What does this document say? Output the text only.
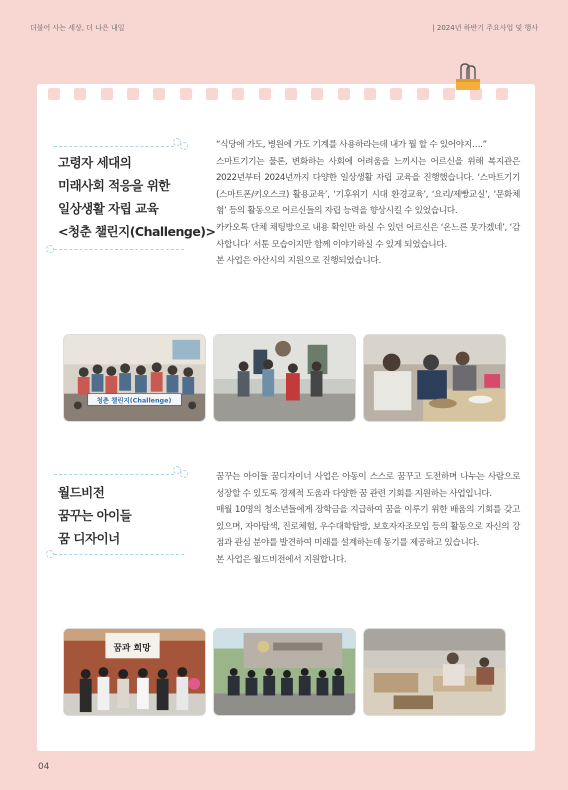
더불어 사는 세상, 더 나은 내일	| 2024년 하반기 주요사업 및 행사
고령자 세대의
미래사회 적응을 위한
일상생활 자립 교육
<청춘 챌린지(Challenge)>

“식당에 가도, 병원에 가도 기계를 사용하라는데 내가 뭘 할 수 있어야지….”

스마트기기는 물론, 변화하는 사회에 어려움을 느끼시는 어르신을 위해 복지관은 2022년부터 2024년까지 다양한 일상생활 자립 교육을 진행했습니다. ‘스마트기기(스마트폰/키오스크) 활용교육’, ‘기후위기 시대 환경교육’, ‘요리/제빵교실’, ‘문화체험’ 등의 활동으로 어르신들의 자립 능력을 향상시킬 수 있었습니다.

카카오톡 단체 채팅방으로 내용 확인만 하실 수 있던 어르신은 ‘온느른 못가겠네’, ‘감사합니다’ 서툰 모습이지만 함께 이야기하실 수 있게 되었습니다.

본 사업은 아산시의 지원으로 진행되었습니다.

청춘 챌린지(Challenge)
월드비전
꿈꾸는 아이들
꿈 디자이너

꿈꾸는 아이들 꿈디자이너 사업은 아동이 스스로 꿈꾸고 도전하며 나누는 사람으로 성장할 수 있도록 경제적 도움과 다양한 꿈 관련 기회를 지원하는 사업입니다.

매월 10명의 청소년들에게 장학금을 지급하여 꿈을 이루기 위한 배움의 기회를 갖고 있으며, 자아탐색, 진로체험, 우수대학탐방, 보호자자조모임 등의 활동으로 자신의 강점과 관심 분야를 발견하여 미래를 설계하는데 동기를 제공하고 있습니다.

본 사업은 월드비전에서 지원합니다.

꿈과 희망
04
